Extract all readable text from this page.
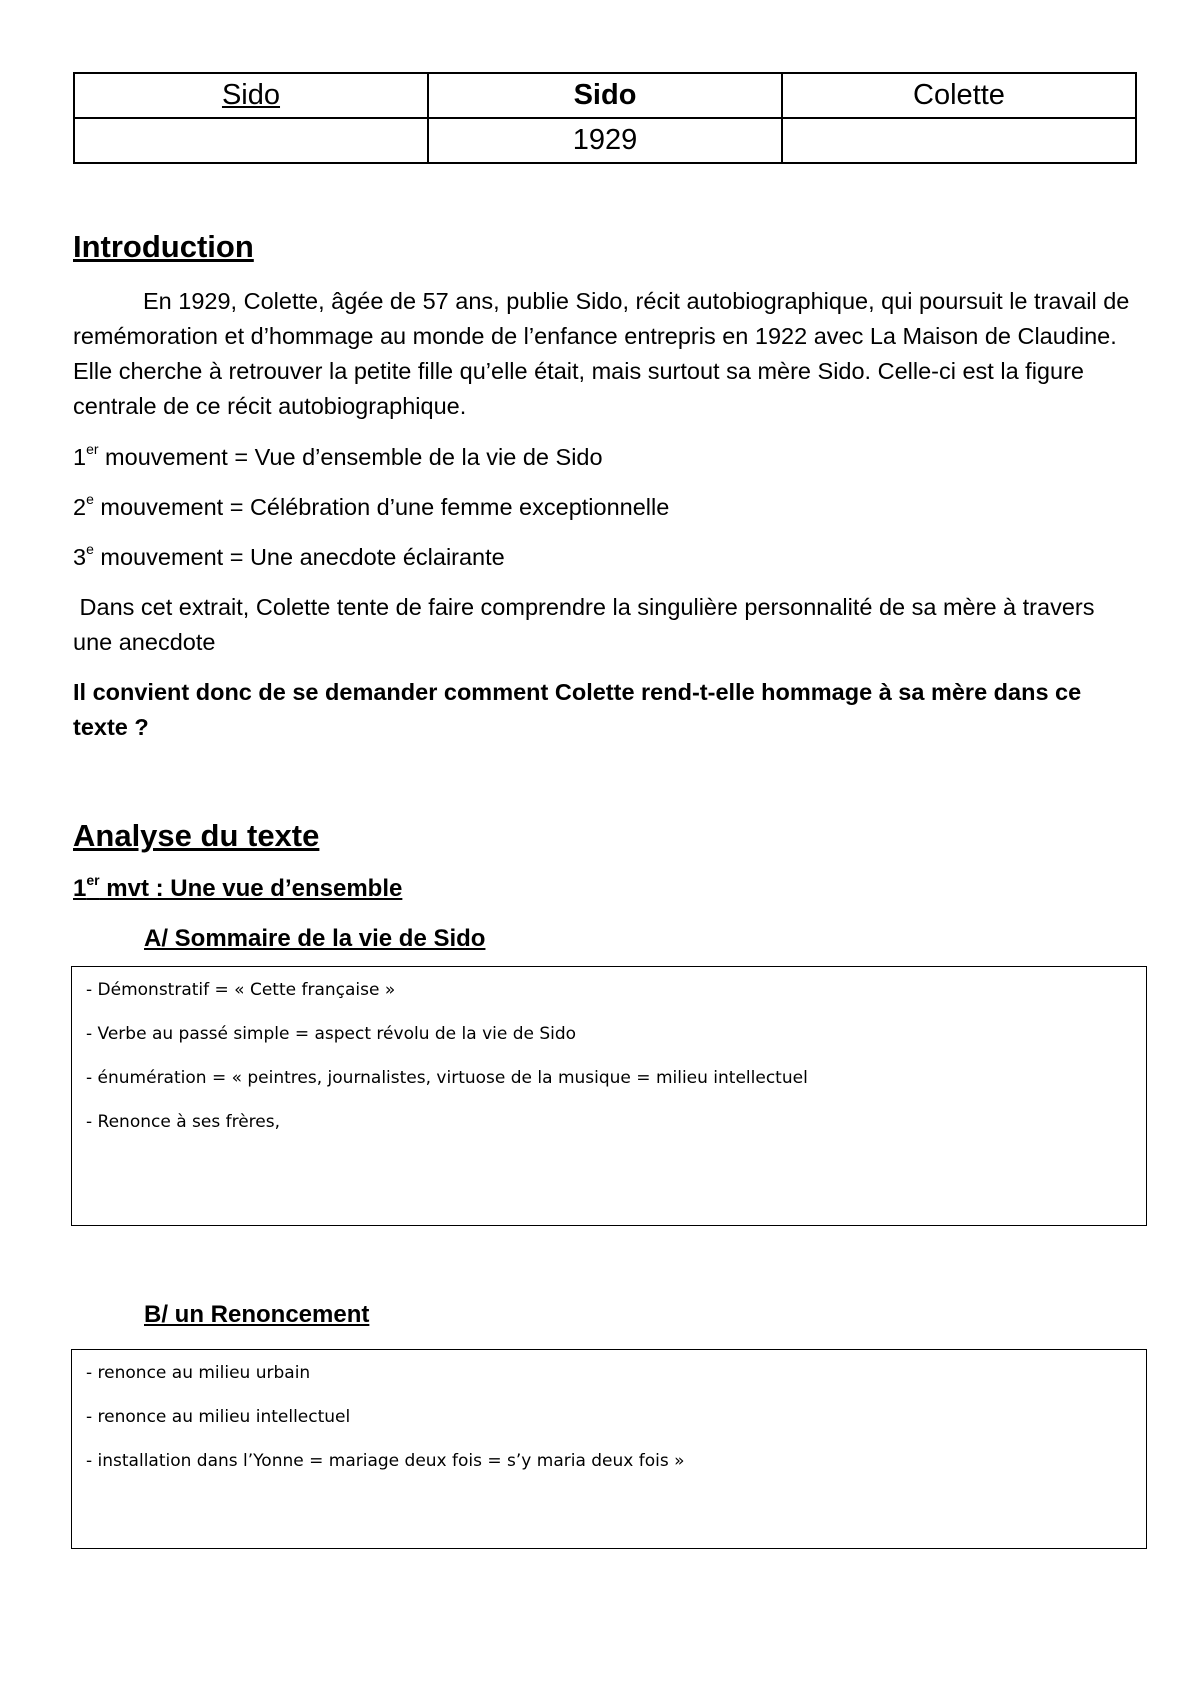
Sido	Sido	Colette
	1929	
Introduction

En 1929, Colette, âgée de 57 ans, publie Sido, récit autobiographique, qui poursuit le travail de remémoration et d’hommage au monde de l’enfance entrepris en 1922 avec La Maison de Claudine. Elle cherche à retrouver la petite fille qu’elle était, mais surtout sa mère Sido. Celle-ci est la figure centrale de ce récit autobiographique.

1er mouvement = Vue d’ensemble de la vie de Sido

2e mouvement = Célébration d’une femme exceptionnelle

3e mouvement = Une anecdote éclairante

Dans cet extrait, Colette tente de faire comprendre la singulière personnalité de sa mère à travers une anecdote

Il convient donc de se demander comment Colette rend-t-elle hommage à sa mère dans ce texte ?

Analyse du texte
1er mvt : Une vue d’ensemble
A/ Sommaire de la vie de Sido

- Démonstratif = « Cette française »

- Verbe au passé simple = aspect révolu de la vie de Sido

- énumération = « peintres, journalistes, virtuose de la musique = milieu intellectuel

- Renonce à ses frères,

B/ un Renoncement

- renonce au milieu urbain

- renonce au milieu intellectuel

- installation dans l’Yonne = mariage deux fois = s’y maria deux fois »
